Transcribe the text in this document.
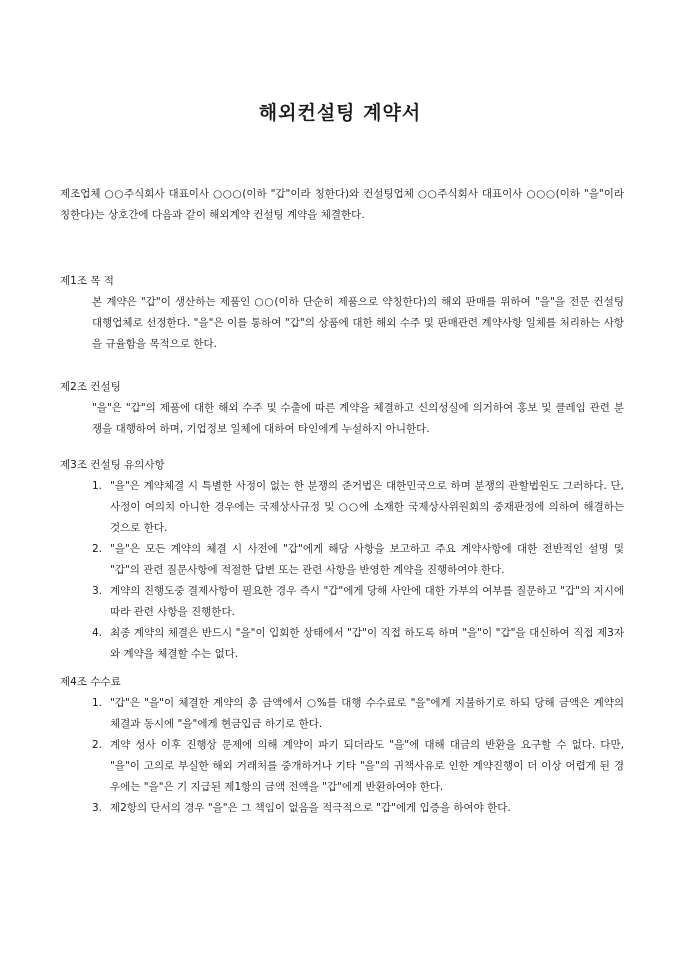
해외컨설팅 계약서
제조업체 ○○주식회사 대표이사 ○○○(이하 "갑"이라 칭한다)와 컨설팅업체 ○○주식회사 대표이사 ○○○(이하 "을"이라 칭한다)는 상호간에 다음과 같이 해외계약 컨설팅 계약을 체결한다.
제1조 목 적
본 계약은 "갑"이 생산하는 제품인 ○○(이하 단순히 제품으로 약칭한다)의 해외 판매를 위하여 "을"을 전문 컨설팅 대행업체로 선정한다. "을"은 이를 통하여 "갑"의 상품에 대한 해외 수주 및 판매관련 계약사항 일체를 처리하는 사항을 규율함을 목적으로 한다.
제2조 컨설팅
"을"은 "갑"의 제품에 대한 해외 수주 및 수출에 따른 계약을 체결하고 신의성실에 의거하여 홍보 및 클레임 관련 분쟁을 대행하여 하며, 기업정보 일체에 대하여 타인에게 누설하지 아니한다.
제3조 컨설팅 유의사항
1. "을"은 계약체결 시 특별한 사정이 없는 한 분쟁의 준거법은 대한민국으로 하며 분쟁의 관할법원도 그러하다. 단, 사정이 여의치 아니한 경우에는 국제상사규정 및 ○○에 소재한 국제상사위원회의 중재판정에 의하여 해결하는 것으로 한다.
2. "을"은 모든 계약의 체결 시 사전에 "갑"에게 해당 사항을 보고하고 주요 계약사항에 대한 전반적인 설명 및 "갑"의 관련 질문사항에 적절한 답변 또는 관련 사항을 반영한 계약을 진행하여야 한다.
3. 계약의 진행도중 결제사항이 필요한 경우 즉시 "갑"에게 당해 사안에 대한 가부의 여부를 질문하고 "갑"의 지시에 따라 관련 사항을 진행한다.
4. 최종 계약의 체결은 반드시 "을"이 입회한 상태에서 "갑"이 직접 하도록 하며 "을"이 "갑"을 대신하여 직접 제3자와 계약을 체결할 수는 없다.
제4조 수수료
1. "갑"은 "을"이 체결한 계약의 총 금액에서 ○%를 대행 수수료로 "을"에게 지불하기로 하되 당해 금액은 계약의 체결과 동시에 "을"에게 현금입금 하기로 한다.
2. 계약 성사 이후 진행상 문제에 의해 계약이 파기 되더라도 "을"에 대해 대금의 반환을 요구할 수 없다. 다만, "을"이 고의로 부실한 해외 거래처를 중개하거나 기타 "을"의 귀책사유로 인한 계약진행이 더 이상 어렵게 된 경우에는 "을"은 기 지급된 제1항의 금액 전액을 "갑"에게 반환하여야 한다.
3. 제2항의 단서의 경우 "을"은 그 책임이 없음을 적극적으로 "갑"에게 입증을 하여야 한다.
